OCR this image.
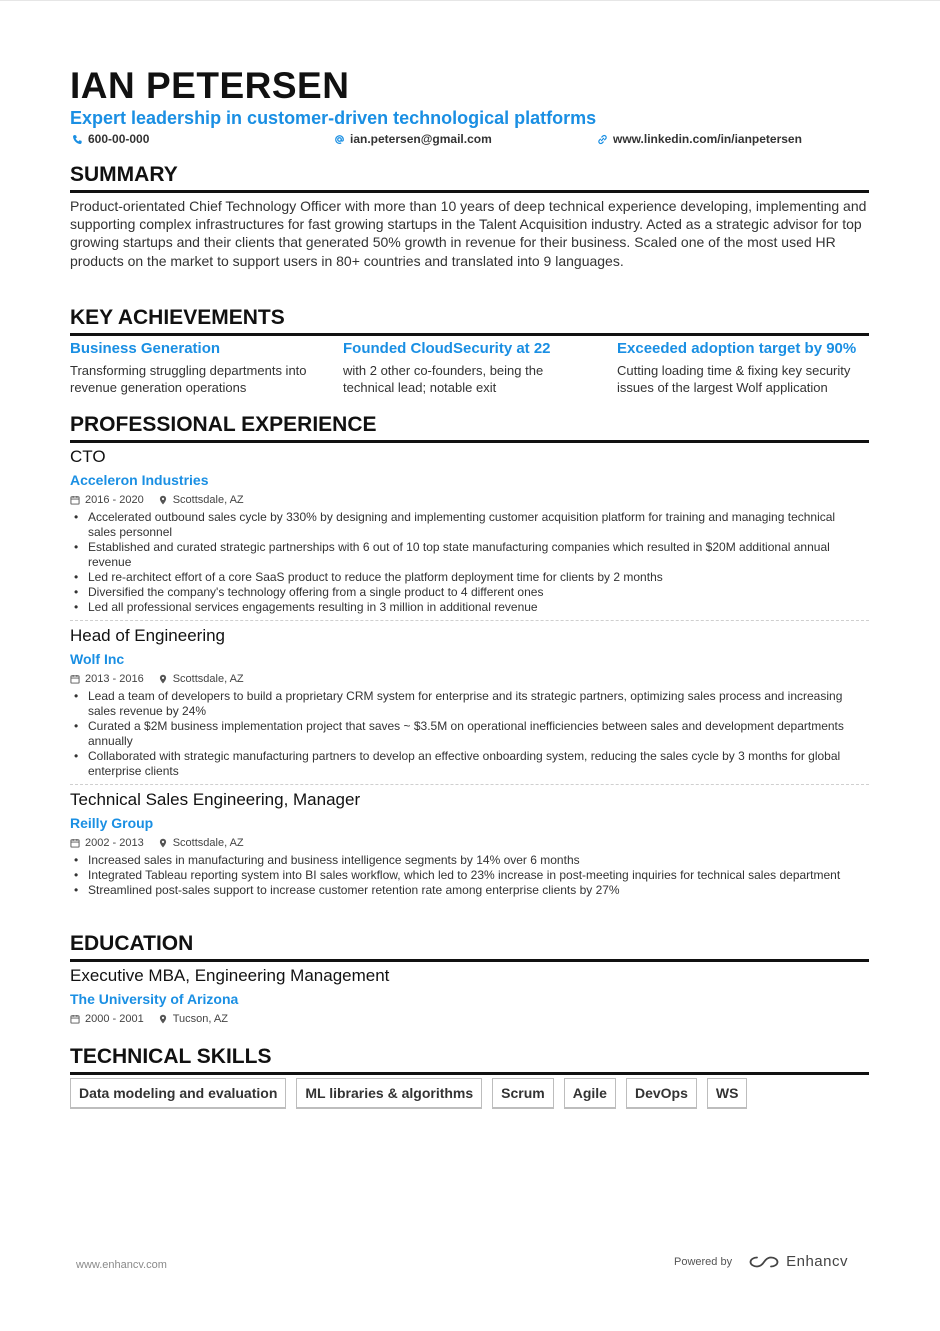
IAN PETERSEN
Expert leadership in customer-driven technological platforms
600-00-000	ian.petersen@gmail.com	www.linkedin.com/in/ianpetersen
SUMMARY
Product-orientated Chief Technology Officer with more than 10 years of deep technical experience developing, implementing and supporting complex infrastructures for fast growing startups in the Talent Acquisition industry. Acted as a strategic advisor for top growing startups and their clients that generated 50% growth in revenue for their business. Scaled one of the most used HR products on the market to support users in 80+ countries and translated into 9 languages.
KEY ACHIEVEMENTS
Business Generation
Transforming struggling departments into revenue generation operations
Founded CloudSecurity at 22
with 2 other co-founders, being the technical lead; notable exit
Exceeded adoption target by 90%
Cutting loading time & fixing key security issues of the largest Wolf application
PROFESSIONAL EXPERIENCE
CTO
Acceleron Industries
2016 - 2020	Scottsdale, AZ
• Accelerated outbound sales cycle by 330% by designing and implementing customer acquisition platform for training and managing technical sales personnel
• Established and curated strategic partnerships with 6 out of 10 top state manufacturing companies which resulted in $20M additional annual revenue
• Led re-architect effort of a core SaaS product to reduce the platform deployment time for clients by 2 months
• Diversified the company's technology offering from a single product to 4 different ones
• Led all professional services engagements resulting in 3 million in additional revenue
Head of Engineering
Wolf Inc
2013 - 2016	Scottsdale, AZ
• Lead a team of developers to build a proprietary CRM system for enterprise and its strategic partners, optimizing sales process and increasing sales revenue by 24%
• Curated a $2M business implementation project that saves ~ $3.5M on operational inefficiencies between sales and development departments annually
• Collaborated with strategic manufacturing partners to develop an effective onboarding system, reducing the sales cycle by 3 months for global enterprise clients
Technical Sales Engineering, Manager
Reilly Group
2002 - 2013	Scottsdale, AZ
• Increased sales in manufacturing and business intelligence segments by 14% over 6 months
• Integrated Tableau reporting system into BI sales workflow, which led to 23% increase in post-meeting inquiries for technical sales department
• Streamlined post-sales support to increase customer retention rate among enterprise clients by 27%
EDUCATION
Executive MBA, Engineering Management
The University of Arizona
2000 - 2001	Tucson, AZ
TECHNICAL SKILLS
Data modeling and evaluation	ML libraries & algorithms	Scrum	Agile	DevOps	WS
www.enhancv.com	Powered by	Enhancv
